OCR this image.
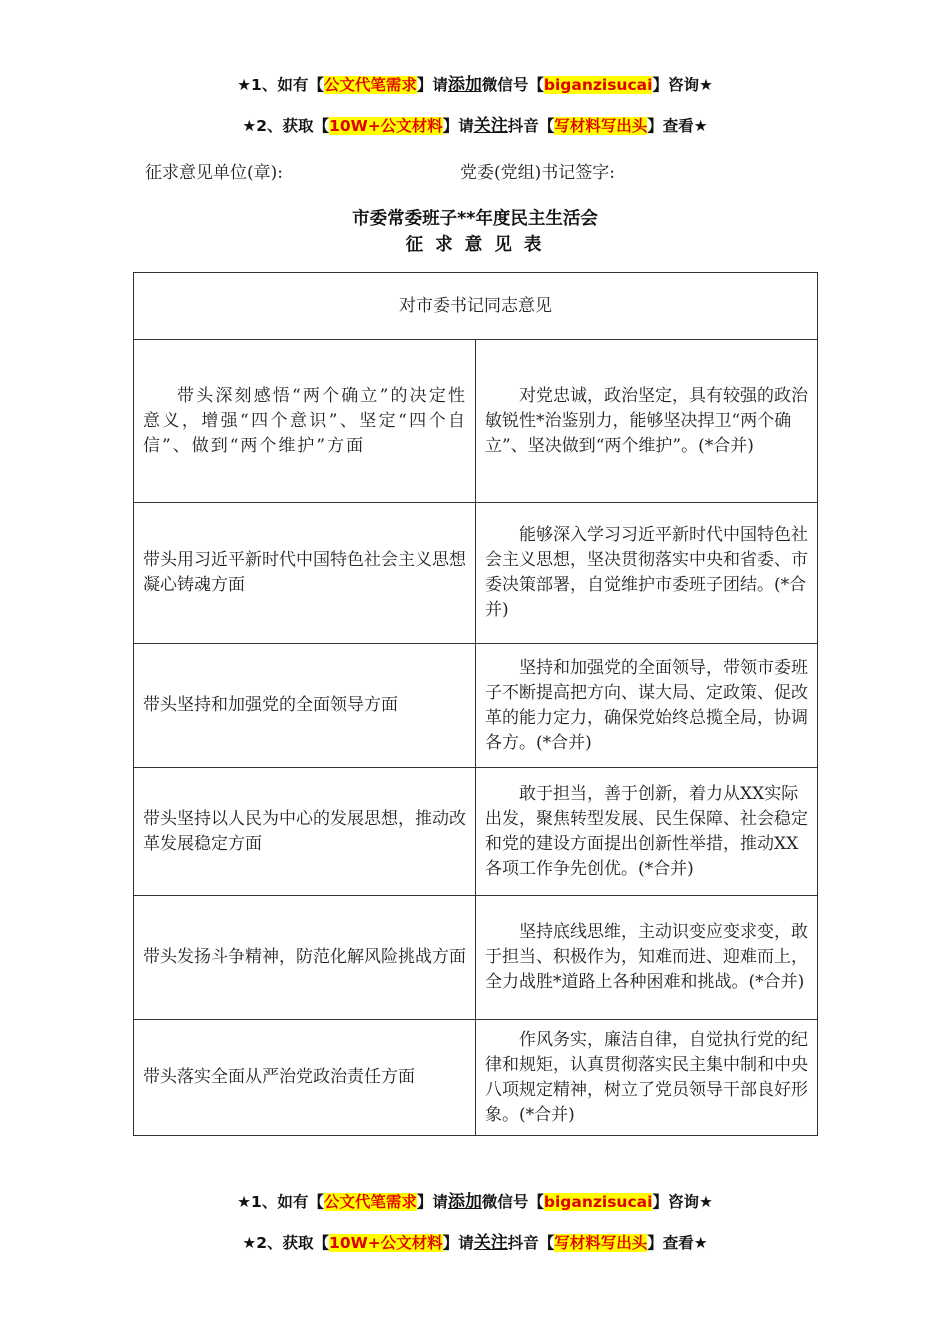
★1、如有【公文代笔需求】请添加微信号【biganzisucai】咨询★
★2、获取【10W+公文材料】请关注抖音【写材料写出头】查看★
征求意见单位(章):	党委(党组)书记签字:
市委常委班子**年度民主生活会
征 求 意 见 表
对市委书记同志意见	
带头深刻感悟“两个确立”的决定性意义，增强“四个意识”、坚定“四个自信”、做到“两个维护”方面	对党忠诚，政治坚定，具有较强的政治敏锐性*治鉴别力，能够坚决捍卫“两个确立”、坚决做到“两个维护”。(*合并)
带头用习近平新时代中国特色社会主义思想凝心铸魂方面	能够深入学习习近平新时代中国特色社会主义思想，坚决贯彻落实中央和省委、市委决策部署，自觉维护市委班子团结。(*合并)
带头坚持和加强党的全面领导方面	坚持和加强党的全面领导，带领市委班子不断提高把方向、谋大局、定政策、促改革的能力定力，确保党始终总揽全局，协调各方。(*合并)
带头坚持以人民为中心的发展思想，推动改革发展稳定方面	敢于担当，善于创新，着力从XX实际出发，聚焦转型发展、民生保障、社会稳定和党的建设方面提出创新性举措，推动XX各项工作争先创优。(*合并)
带头发扬斗争精神，防范化解风险挑战方面	坚持底线思维，主动识变应变求变，敢于担当、积极作为，知难而进、迎难而上，全力战胜*道路上各种困难和挑战。(*合并)
带头落实全面从严治党政治责任方面	作风务实，廉洁自律，自觉执行党的纪律和规矩，认真贯彻落实民主集中制和中央八项规定精神，树立了党员领导干部良好形象。(*合并)
★1、如有【公文代笔需求】请添加微信号【biganzisucai】咨询★
★2、获取【10W+公文材料】请关注抖音【写材料写出头】查看★
